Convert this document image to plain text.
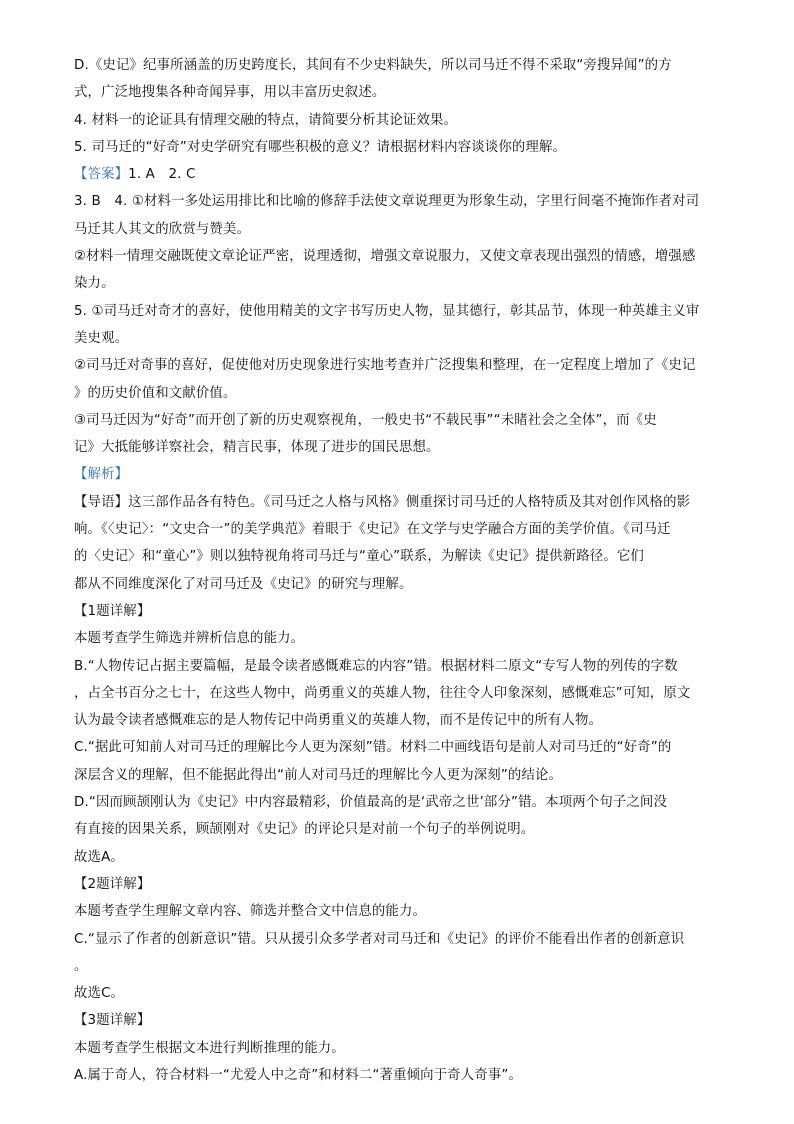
D.《史记》纪事所涵盖的历史跨度长，其间有不少史料缺失，所以司马迁不得不采取“旁搜异闻”的方
式，广泛地搜集各种奇闻异事，用以丰富历史叙述。
4. 材料一的论证具有情理交融的特点，请简要分析其论证效果。
5. 司马迁的“好奇”对史学研究有哪些积极的意义？请根据材料内容谈谈你的理解。
【答案】1. A　2. C
3. B　4. ①材料一多处运用排比和比喻的修辞手法使文章说理更为形象生动，字里行间毫不掩饰作者对司
马迁其人其文的欣赏与赞美。
②材料一情理交融既使文章论证严密，说理透彻，增强文章说服力，又使文章表现出强烈的情感，增强感
染力。
5. ①司马迁对奇才的喜好，使他用精美的文字书写历史人物，显其德行，彰其品节，体现一种英雄主义审
美史观。
②司马迁对奇事的喜好，促使他对历史现象进行实地考查并广泛搜集和整理，在一定程度上增加了《史记
》的历史价值和文献价值。
③司马迁因为“好奇”而开创了新的历史观察视角，一般史书“不载民事”“未睹社会之全体”，而《史
记》大抵能够详察社会，精言民事，体现了进步的国民思想。
【解析】
【导语】这三部作品各有特色。《司马迁之人格与风格》侧重探讨司马迁的人格特质及其对创作风格的影
响。《〈史记〉：“文史合一”的美学典范》着眼于《史记》在文学与史学融合方面的美学价值。《司马迁
的〈史记〉和“童心”》则以独特视角将司马迁与“童心”联系，为解读《史记》提供新路径。它们
都从不同维度深化了对司马迁及《史记》的研究与理解。
【1题详解】
本题考查学生筛选并辨析信息的能力。
B.“人物传记占据主要篇幅，是最令读者感慨难忘的内容”错。根据材料二原文“专写人物的列传的字数
，占全书百分之七十，在这些人物中，尚勇重义的英雄人物，往往令人印象深刻，感慨难忘”可知，原文
认为最令读者感慨难忘的是人物传记中尚勇重义的英雄人物，而不是传记中的所有人物。
C.“据此可知前人对司马迁的理解比今人更为深刻”错。材料二中画线语句是前人对司马迁的“好奇”的
深层含义的理解，但不能据此得出“前人对司马迁的理解比今人更为深刻”的结论。
D.“因而顾颉刚认为《史记》中内容最精彩，价值最高的是‘武帝之世’部分”错。本项两个句子之间没
有直接的因果关系，顾颉刚对《史记》的评论只是对前一个句子的举例说明。
故选A。
【2题详解】
本题考查学生理解文章内容、筛选并整合文中信息的能力。
C.“显示了作者的创新意识”错。只从援引众多学者对司马迁和《史记》的评价不能看出作者的创新意识
。
故选C。
【3题详解】
本题考查学生根据文本进行判断推理的能力。
A.属于奇人，符合材料一“尤爱人中之奇”和材料二“著重倾向于奇人奇事”。
